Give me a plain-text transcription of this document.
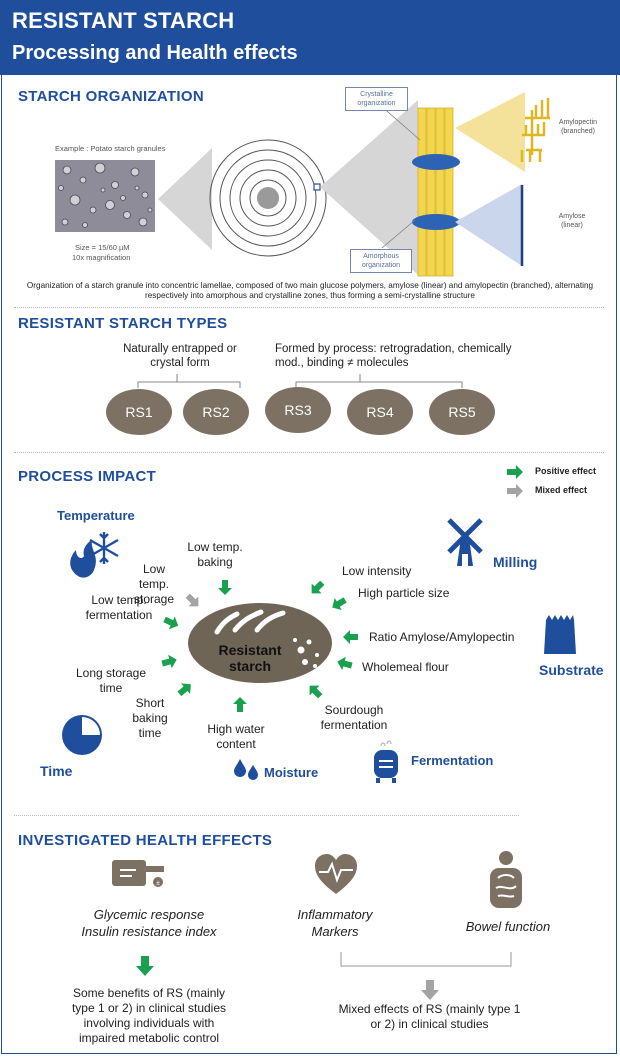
RESISTANT STARCH
Processing and Health effects
STARCH ORGANIZATION
Example : Potato starch granules
Size = 15/60 µM
10x magnification
Crystalline organization
Amorphous organization
Amylopectin (branched)
Amylose (linear)
Organization of a starch granule into concentric lamellae, composed of two main glucose polymers, amylose (linear) and amylopectin (branched), alternating respectively into amorphous and crystalline zones, thus forming a semi-crystalline structure
RESISTANT STARCH TYPES
Naturally entrapped or crystal form
Formed by process: retrogradation, chemically mod., binding ≠ molecules
RS1	RS2	RS3	RS4	RS5
PROCESS IMPACT	Positive effect
Mixed effect
Temperature
Milling
Substrate
Time	Moisture
Fermentation
Resistant starch
Low temp. baking
Low temp. storage
Low temp. fermentation
Long storage time
Short baking time	High water content
Sourdough fermentation
Wholemeal flour
Ratio Amylose/Amylopectin
High particle size
Low intensity
INVESTIGATED HEALTH EFFECTS
±
Glycemic response Insulin resistance index
Inflammatory Markers	Bowel function
Some benefits of RS (mainly type 1 or 2) in clinical studies involving individuals with impaired metabolic control
Mixed effects of RS (mainly type 1 or 2) in clinical studies
